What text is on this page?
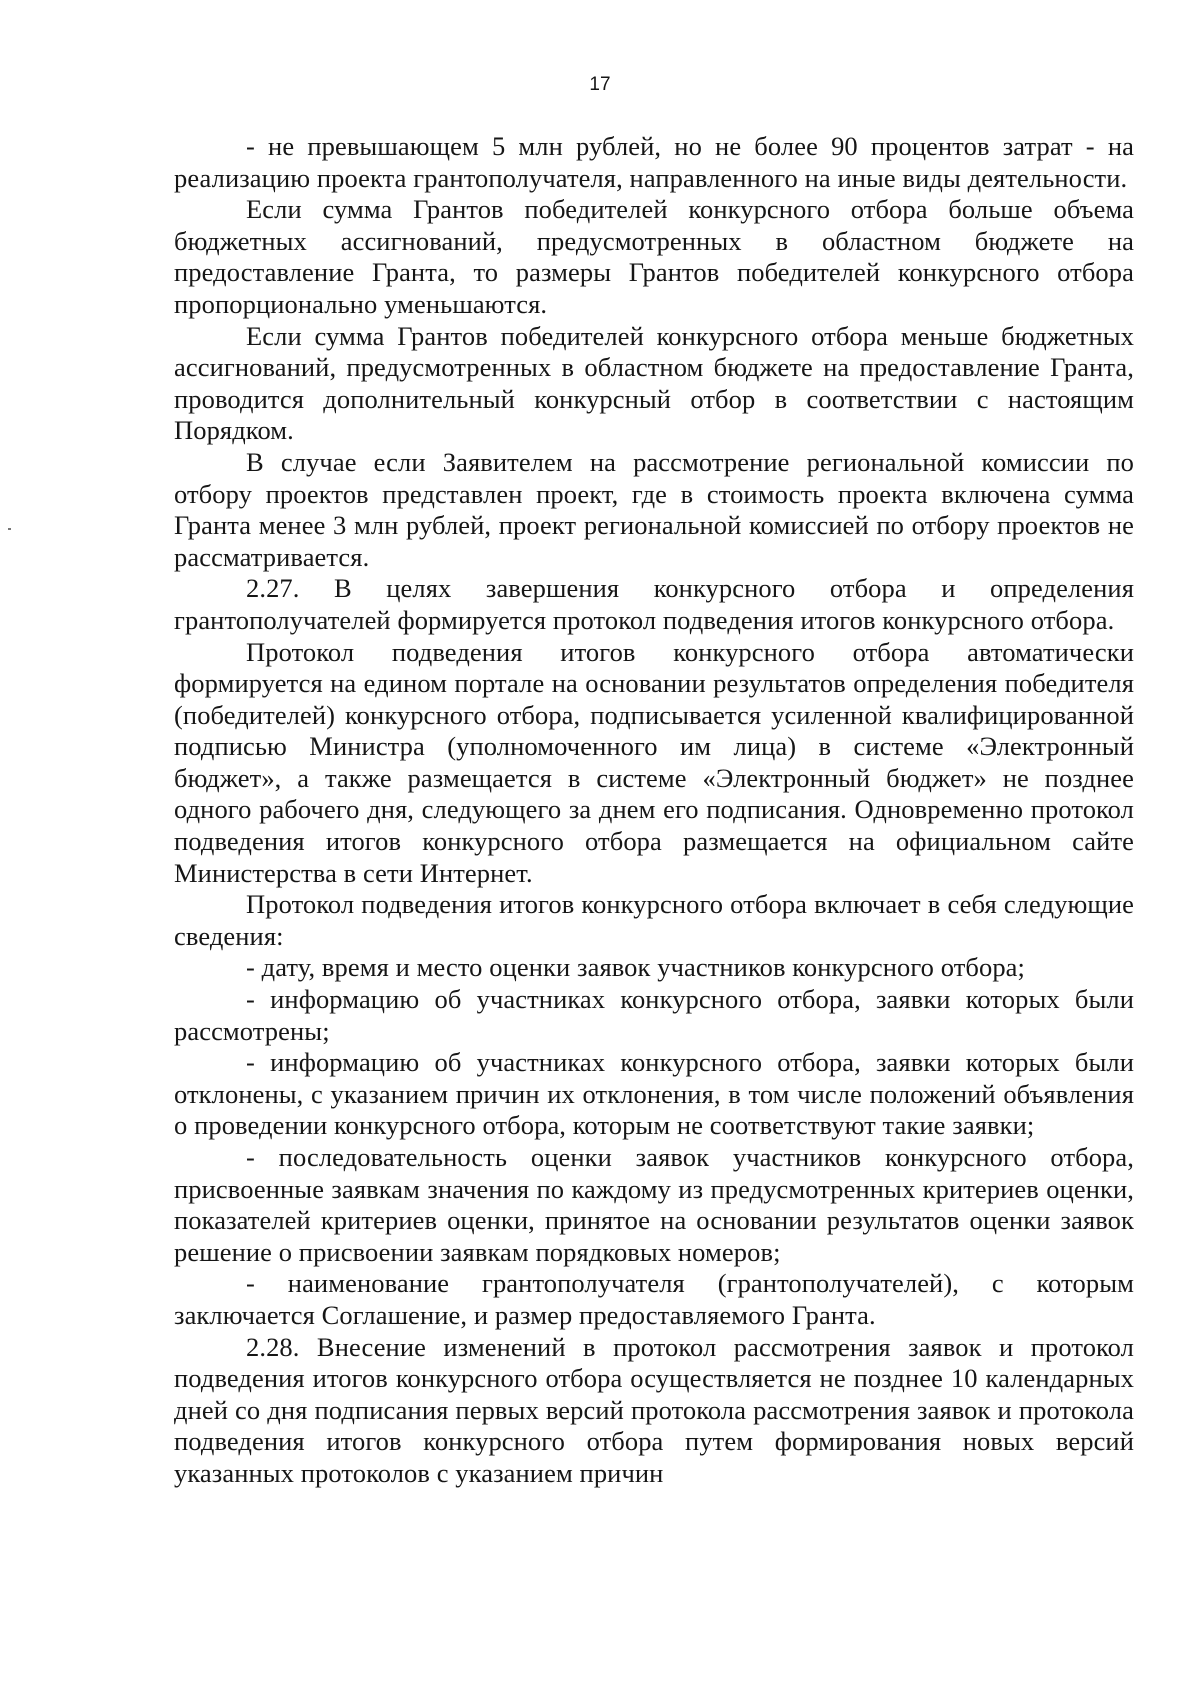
17

- не превышающем 5 млн рублей, но не более 90 процентов затрат - на реализацию проекта грантополучателя, направленного на иные виды деятельности.

Если сумма Грантов победителей конкурсного отбора больше объема бюджетных ассигнований, предусмотренных в областном бюджете на предоставление Гранта, то размеры Грантов победителей конкурсного отбора пропорционально уменьшаются.

Если сумма Грантов победителей конкурсного отбора меньше бюджетных ассигнований, предусмотренных в областном бюджете на предоставление Гранта, проводится дополнительный конкурсный отбор в соответствии с настоящим Порядком.

В случае если Заявителем на рассмотрение региональной комиссии по отбору проектов представлен проект, где в стоимость проекта включена сумма Гранта менее 3 млн рублей, проект региональной комиссией по отбору проектов не рассматривается.

2.27. В целях завершения конкурсного отбора и определения грантополучателей формируется протокол подведения итогов конкурсного отбора.

Протокол подведения итогов конкурсного отбора автоматически формируется на едином портале на основании результатов определения победителя (победителей) конкурсного отбора, подписывается усиленной квалифицированной подписью Министра (уполномоченного им лица) в системе «Электронный бюджет», а также размещается в системе «Электронный бюджет» не позднее одного рабочего дня, следующего за днем его подписания. Одновременно протокол подведения итогов конкурсного отбора размещается на официальном сайте Министерства в сети Интернет.

Протокол подведения итогов конкурсного отбора включает в себя следующие сведения:

- дату, время и место оценки заявок участников конкурсного отбора;

- информацию об участниках конкурсного отбора, заявки которых были рассмотрены;

- информацию об участниках конкурсного отбора, заявки которых были отклонены, с указанием причин их отклонения, в том числе положений объявления о проведении конкурсного отбора, которым не соответствуют такие заявки;

- последовательность оценки заявок участников конкурсного отбора, присвоенные заявкам значения по каждому из предусмотренных критериев оценки, показателей критериев оценки, принятое на основании результатов оценки заявок решение о присвоении заявкам порядковых номеров;

- наименование грантополучателя (грантополучателей), с которым заключается Соглашение, и размер предоставляемого Гранта.

2.28. Внесение изменений в протокол рассмотрения заявок и протокол подведения итогов конкурсного отбора осуществляется не позднее 10 календарных дней со дня подписания первых версий протокола рассмотрения заявок и протокола подведения итогов конкурсного отбора путем формирования новых версий указанных протоколов с указанием причин
